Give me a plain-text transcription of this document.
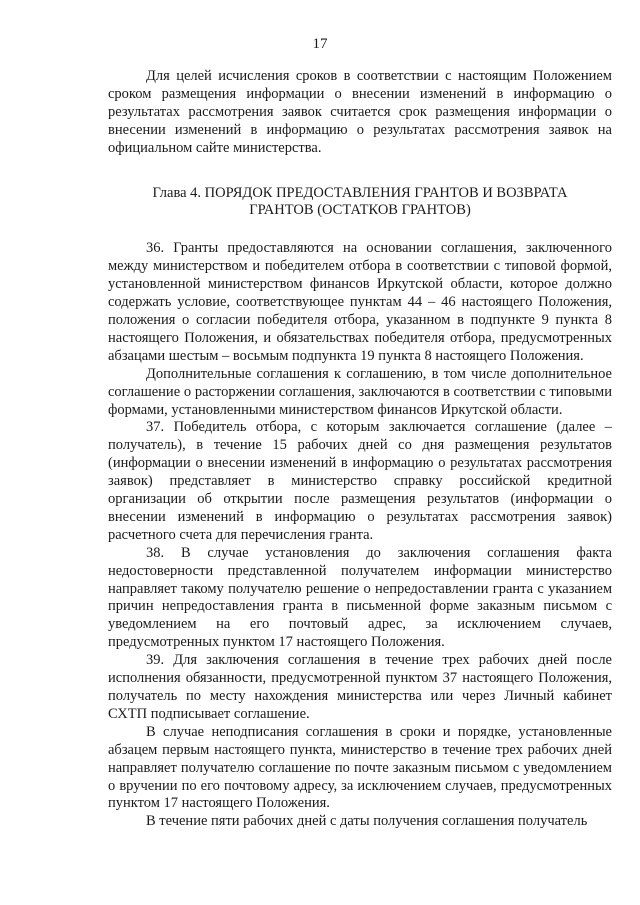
17

Для целей исчисления сроков в соответствии с настоящим Положением сроком размещения информации о внесении изменений в информацию о результатах рассмотрения заявок считается срок размещения информации о внесении изменений в информацию о результатах рассмотрения заявок на официальном сайте министерства.

Глава 4. ПОРЯДОК ПРЕДОСТАВЛЕНИЯ ГРАНТОВ И ВОЗВРАТА
ГРАНТОВ (ОСТАТКОВ ГРАНТОВ)

36. Гранты предоставляются на основании соглашения, заключенного между министерством и победителем отбора в соответствии с типовой формой, установленной министерством финансов Иркутской области, которое должно содержать условие, соответствующее пунктам 44 – 46 настоящего Положения, положения о согласии победителя отбора, указанном в подпункте 9 пункта 8 настоящего Положения, и обязательствах победителя отбора, предусмотренных абзацами шестым – восьмым подпункта 19 пункта 8 настоящего Положения.

Дополнительные соглашения к соглашению, в том числе дополнительное соглашение о расторжении соглашения, заключаются в соответствии с типовыми формами, установленными министерством финансов Иркутской области.

37. Победитель отбора, с которым заключается соглашение (далее – получатель), в течение 15 рабочих дней со дня размещения результатов (информации о внесении изменений в информацию о результатах рассмотрения заявок) представляет в министерство справку российской кредитной организации об открытии после размещения результатов (информации о внесении изменений в информацию о результатах рассмотрения заявок) расчетного счета для перечисления гранта.

38. В случае установления до заключения соглашения факта недостоверности представленной получателем информации министерство направляет такому получателю решение о непредоставлении гранта с указанием причин непредоставления гранта в письменной форме заказным письмом с уведомлением на его почтовый адрес, за исключением случаев, предусмотренных пунктом 17 настоящего Положения.

39. Для заключения соглашения в течение трех рабочих дней после исполнения обязанности, предусмотренной пунктом 37 настоящего Положения, получатель по месту нахождения министерства или через Личный кабинет СХТП подписывает соглашение.

В случае неподписания соглашения в сроки и порядке, установленные абзацем первым настоящего пункта, министерство в течение трех рабочих дней направляет получателю соглашение по почте заказным письмом с уведомлением о вручении по его почтовому адресу, за исключением случаев, предусмотренных пунктом 17 настоящего Положения.

В течение пяти рабочих дней с даты получения соглашения получатель
